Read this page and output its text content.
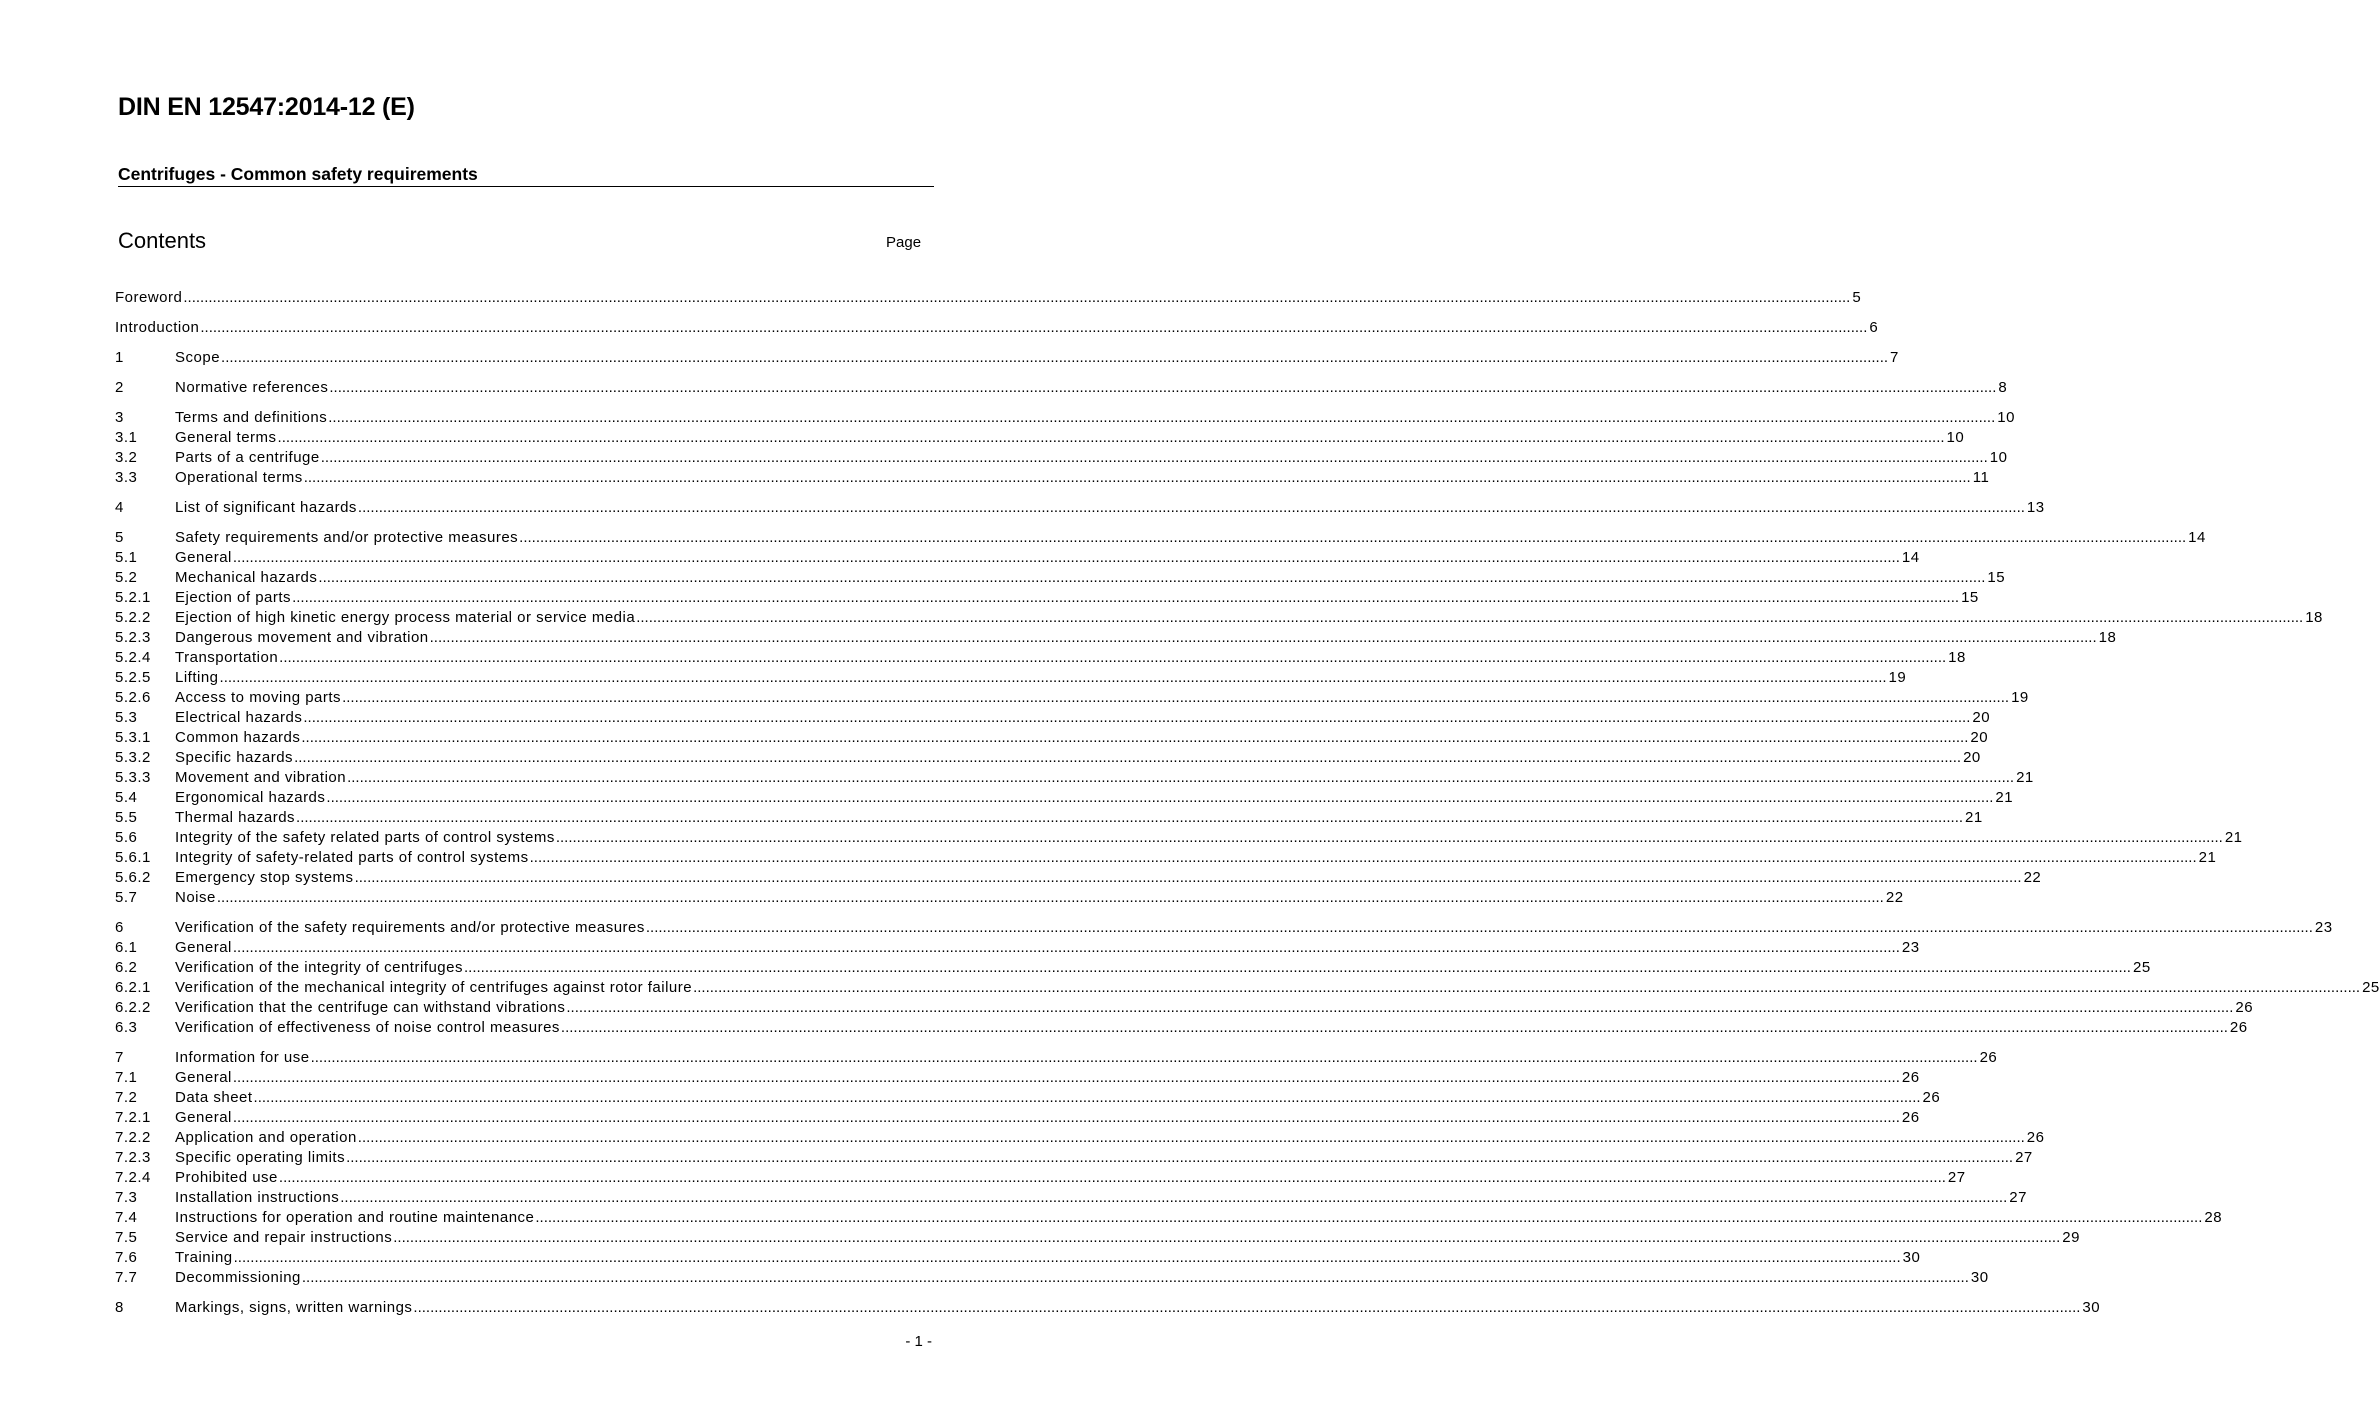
DIN EN 12547:2014-12 (E)
Centrifuges - Common safety requirements
Contents	Page
Foreword ................................................................................................................................................................................................................................................................................................................................................................................................................ 5
Introduction ................................................................................................................................................................................................................................................................................................................................................................................................................ 6
1	Scope ................................................................................................................................................................................................................................................................................................................................................................................................................ 7
2	Normative references ................................................................................................................................................................................................................................................................................................................................................................................................................ 8
3	Terms and definitions ................................................................................................................................................................................................................................................................................................................................................................................................................ 10
3.1	General terms ................................................................................................................................................................................................................................................................................................................................................................................................................ 10
3.2	Parts of a centrifuge ................................................................................................................................................................................................................................................................................................................................................................................................................ 10
3.3	Operational terms ................................................................................................................................................................................................................................................................................................................................................................................................................ 11
4	List of significant hazards ................................................................................................................................................................................................................................................................................................................................................................................................................ 13
5	Safety requirements and/or protective measures ................................................................................................................................................................................................................................................................................................................................................................................................................ 14
5.1	General ................................................................................................................................................................................................................................................................................................................................................................................................................ 14
5.2	Mechanical hazards ................................................................................................................................................................................................................................................................................................................................................................................................................ 15
5.2.1	Ejection of parts ................................................................................................................................................................................................................................................................................................................................................................................................................ 15
5.2.2	Ejection of high kinetic energy process material or service media ................................................................................................................................................................................................................................................................................................................................................................................................................ 18
5.2.3	Dangerous movement and vibration ................................................................................................................................................................................................................................................................................................................................................................................................................ 18
5.2.4	Transportation ................................................................................................................................................................................................................................................................................................................................................................................................................ 18
5.2.5	Lifting ................................................................................................................................................................................................................................................................................................................................................................................................................ 19
5.2.6	Access to moving parts ................................................................................................................................................................................................................................................................................................................................................................................................................ 19
5.3	Electrical hazards ................................................................................................................................................................................................................................................................................................................................................................................................................ 20
5.3.1	Common hazards ................................................................................................................................................................................................................................................................................................................................................................................................................ 20
5.3.2	Specific hazards ................................................................................................................................................................................................................................................................................................................................................................................................................ 20
5.3.3	Movement and vibration ................................................................................................................................................................................................................................................................................................................................................................................................................ 21
5.4	Ergonomical hazards ................................................................................................................................................................................................................................................................................................................................................................................................................ 21
5.5	Thermal hazards ................................................................................................................................................................................................................................................................................................................................................................................................................ 21
5.6	Integrity of the safety related parts of control systems ................................................................................................................................................................................................................................................................................................................................................................................................................ 21
5.6.1	Integrity of safety-related parts of control systems ................................................................................................................................................................................................................................................................................................................................................................................................................ 21
5.6.2	Emergency stop systems ................................................................................................................................................................................................................................................................................................................................................................................................................ 22
5.7	Noise ................................................................................................................................................................................................................................................................................................................................................................................................................ 22
6	Verification of the safety requirements and/or protective measures ................................................................................................................................................................................................................................................................................................................................................................................................................ 23
6.1	General ................................................................................................................................................................................................................................................................................................................................................................................................................ 23
6.2	Verification of the integrity of centrifuges ................................................................................................................................................................................................................................................................................................................................................................................................................ 25
6.2.1	Verification of the mechanical integrity of centrifuges against rotor failure ................................................................................................................................................................................................................................................................................................................................................................................................................ 25
6.2.2	Verification that the centrifuge can withstand vibrations ................................................................................................................................................................................................................................................................................................................................................................................................................ 26
6.3	Verification of effectiveness of noise control measures ................................................................................................................................................................................................................................................................................................................................................................................................................ 26
7	Information for use ................................................................................................................................................................................................................................................................................................................................................................................................................ 26
7.1	General ................................................................................................................................................................................................................................................................................................................................................................................................................ 26
7.2	Data sheet ................................................................................................................................................................................................................................................................................................................................................................................................................ 26
7.2.1	General ................................................................................................................................................................................................................................................................................................................................................................................................................ 26
7.2.2	Application and operation ................................................................................................................................................................................................................................................................................................................................................................................................................ 26
7.2.3	Specific operating limits ................................................................................................................................................................................................................................................................................................................................................................................................................ 27
7.2.4	Prohibited use ................................................................................................................................................................................................................................................................................................................................................................................................................ 27
7.3	Installation instructions ................................................................................................................................................................................................................................................................................................................................................................................................................ 27
7.4	Instructions for operation and routine maintenance ................................................................................................................................................................................................................................................................................................................................................................................................................ 28
7.5	Service and repair instructions ................................................................................................................................................................................................................................................................................................................................................................................................................ 29
7.6	Training ................................................................................................................................................................................................................................................................................................................................................................................................................ 30
7.7	Decommissioning ................................................................................................................................................................................................................................................................................................................................................................................................................ 30
8	Markings, signs, written warnings ................................................................................................................................................................................................................................................................................................................................................................................................................ 30
- 1 -
